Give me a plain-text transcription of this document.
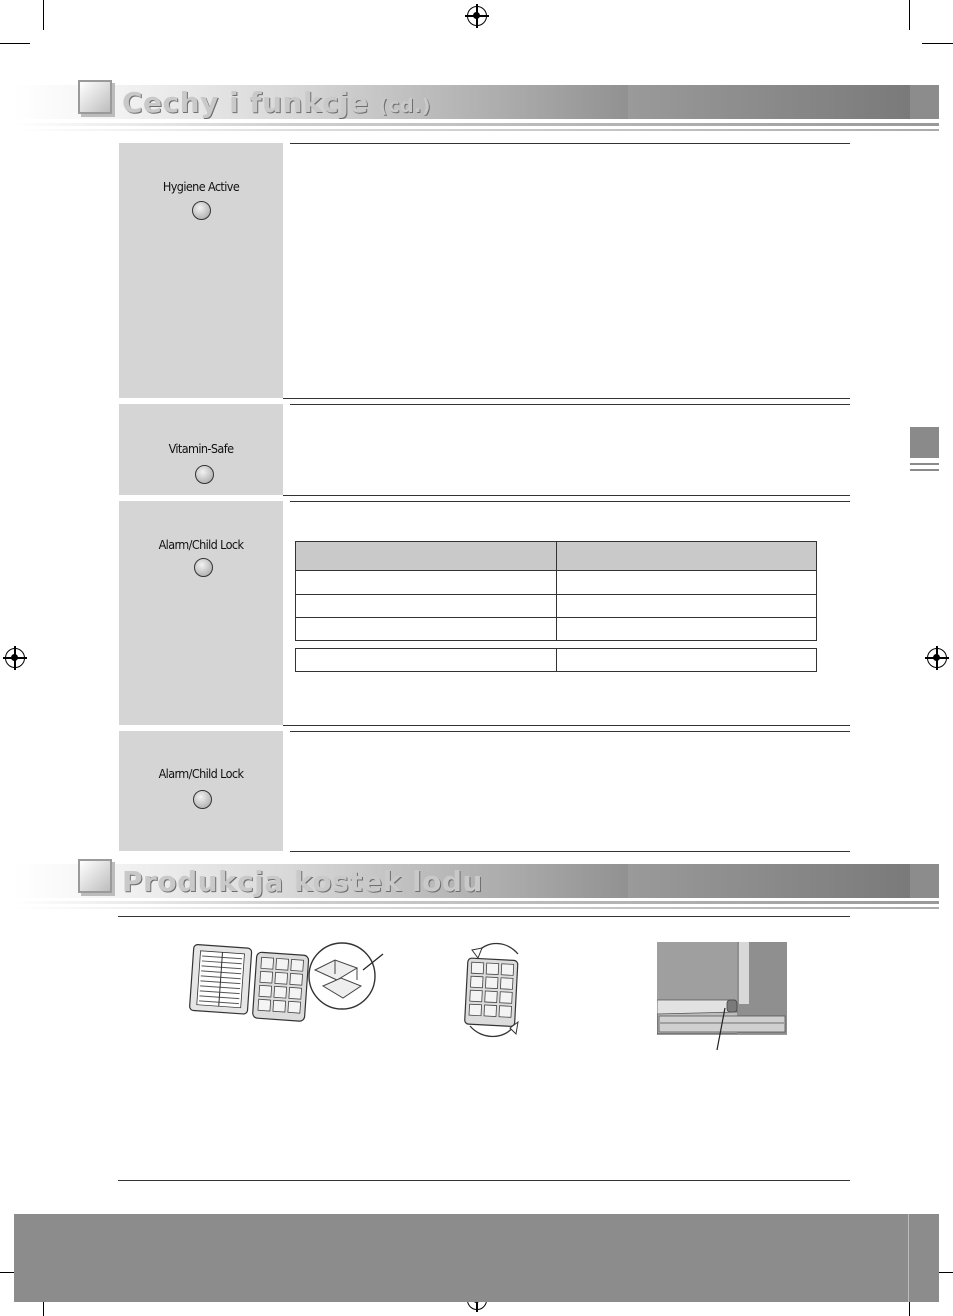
Cechy i funkcje (cd.)
Hygiene Active
Vitamin-Safe
Alarm/Child Lock
Alarm/Child Lock
Produkcja kostek lodu
